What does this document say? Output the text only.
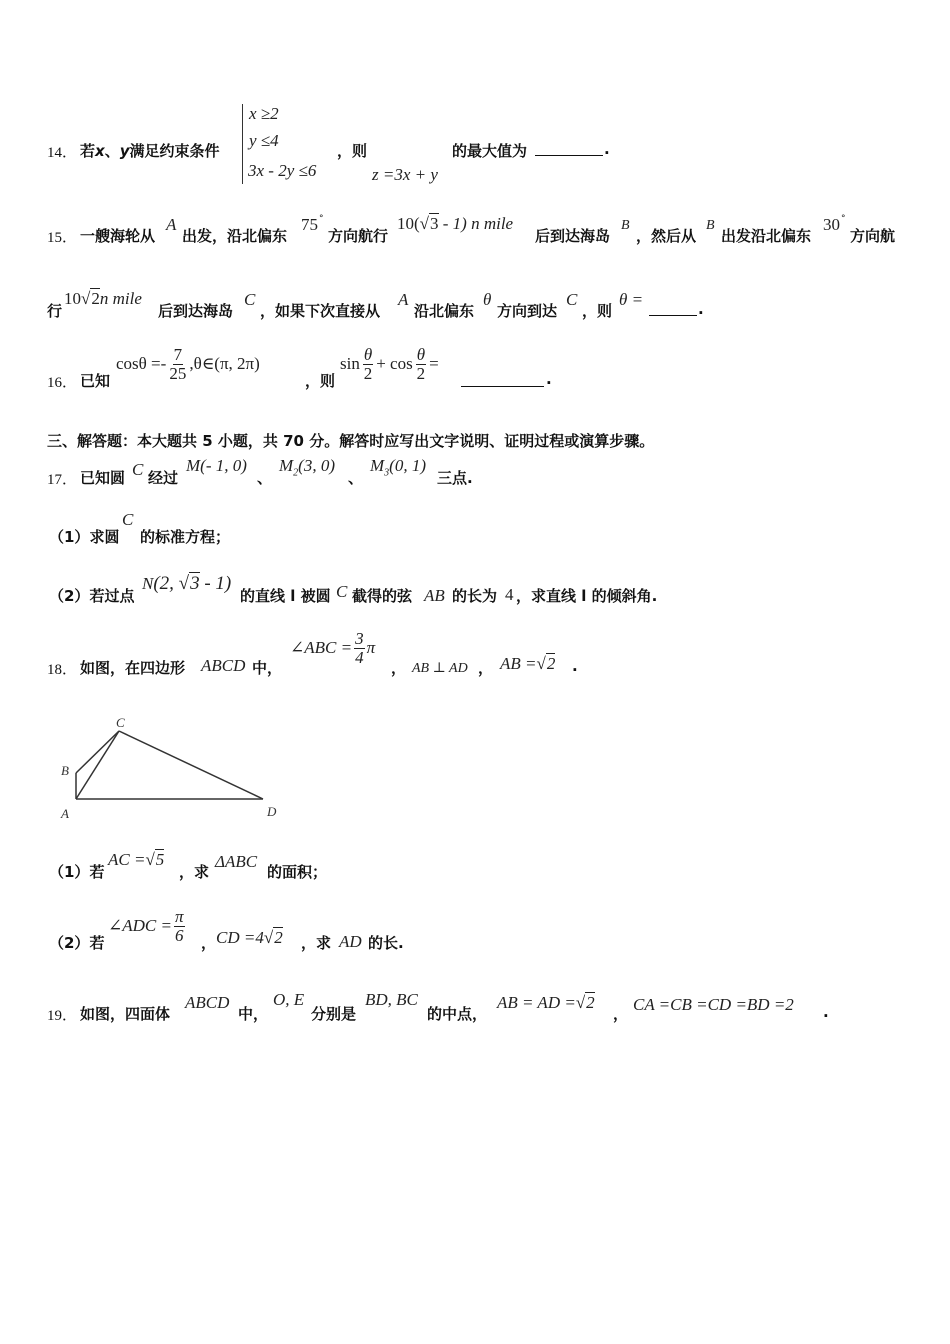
14． 若x、y满足约束条件
x ≥2
y ≤4
3x - 2y ≤6
，则
z =3x + y
的最大值为	.
15． 一艘海轮从
A
出发，沿北偏东
75 °
方向航行
10(√3 - 1) n mile
后到达海岛
B
，然后从
B
出发沿北偏东
30 °
方向航
行
10√2n mile
后到达海岛
C
，如果下次直接从
A
沿北偏东
θ
方向到达
C
，则
θ =	.
16． 已知
$\cos\theta =- \frac{7}{25}$ ,θ∈(π, 2π)
，则
$\sin \frac{\theta}{2} + \cos \frac{\theta}{2}$ =
.
三、解答题：本大题共 5 小题，共 70 分。解答时应写出文字说明、证明过程或演算步骤。
17． 已知圆 C 经过
M(- 1, 0)
、
$M_2(3$, 0)
、
$M_3(0$, 1)
三点.
（1）求圆
C
的标准方程；
（2）若过点
N(2, √3 - 1)
的直线 l 被圆 C 截得的弦 AB 的长为 4 ，求直线 l 的倾斜角.
18． 如图，在四边形 ABCD 中，
∠ABC = $\frac{3}{4}$ π
， AB ⊥ AD ， AB =√2 .
C
B
A	D
（1）若
AC =√5
，求
ΔABC
的面积；
（2）若
∠ADC = $\frac{\pi}{6}$ ， CD =4√2 ，求 AD 的长.
19． 如图，四面体
ABCD
中，
O, E
分别是
BD, BC
的中点，
AB = AD =√2
， CA =CB =CD =BD =2 .
